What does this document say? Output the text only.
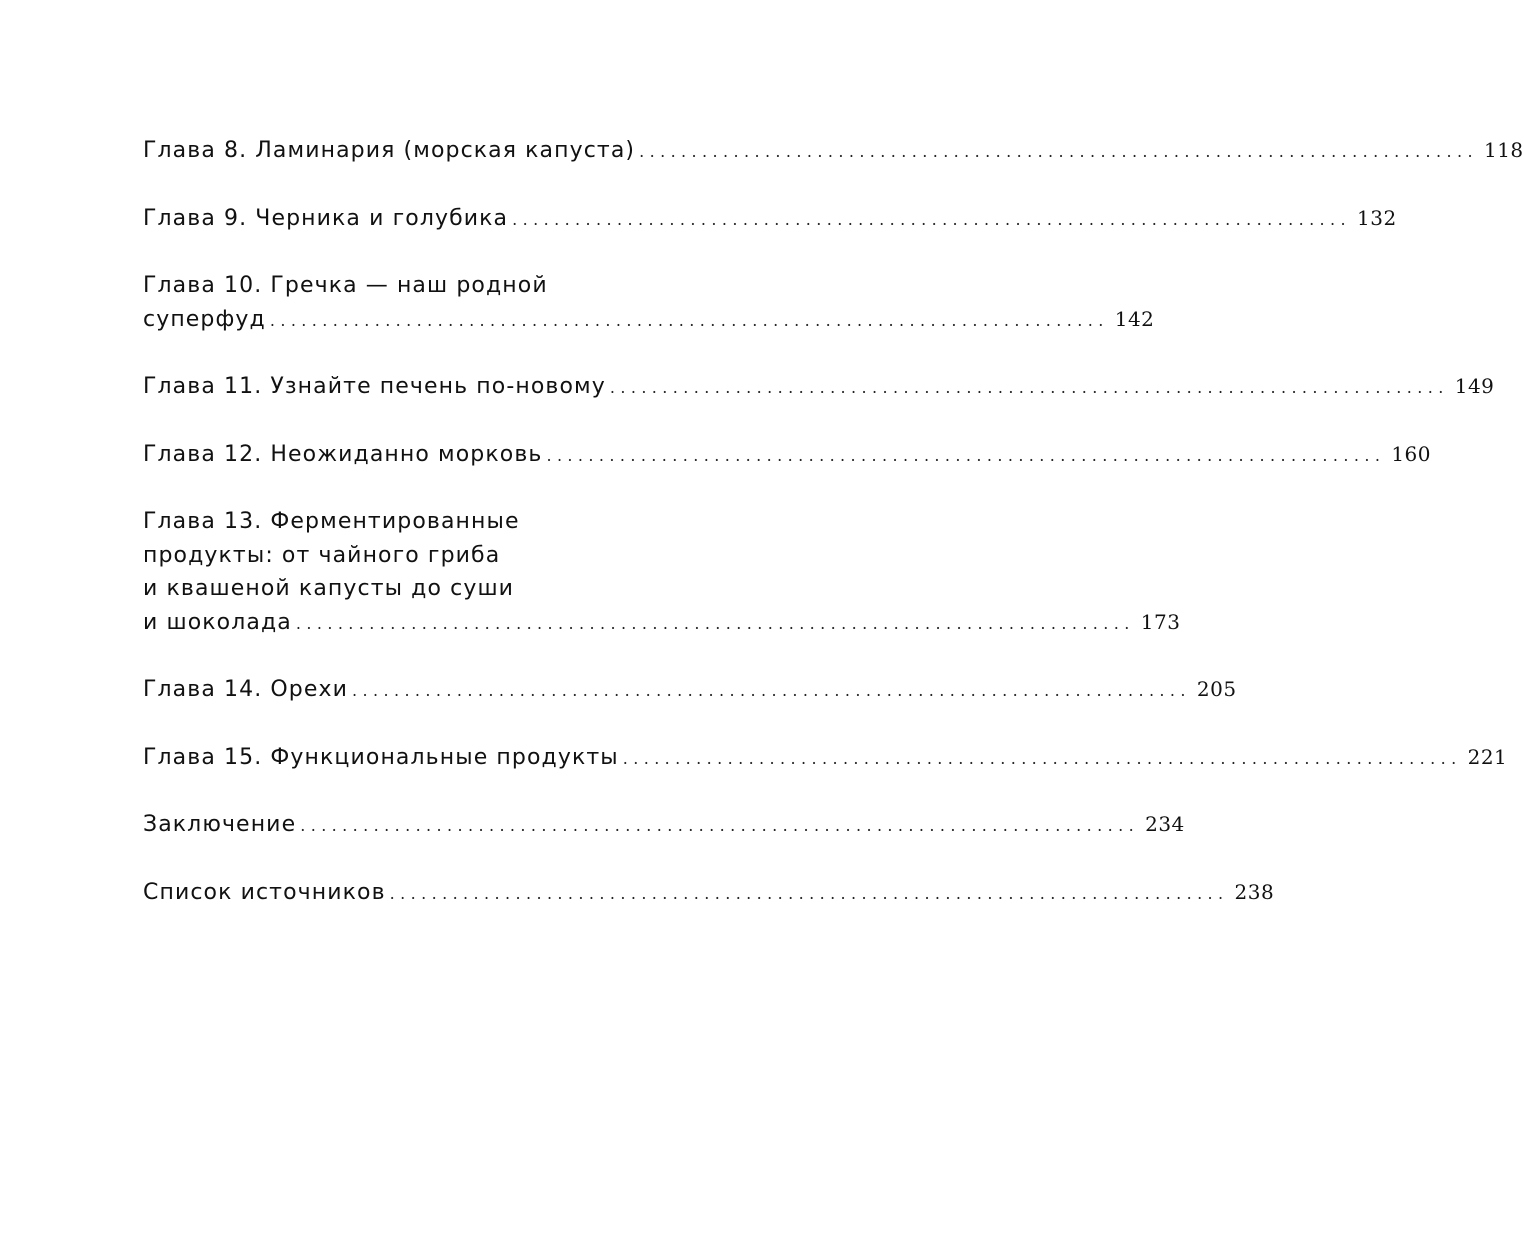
Глава 8. Ламинария (морская капуста) ................................................................................ 118
Глава 9. Черника и голубика ................................................................................ 132
Глава 10. Гречка — наш родной
суперфуд ................................................................................ 142
Глава 11. Узнайте печень по-новому ................................................................................ 149
Глава 12. Неожиданно морковь ................................................................................ 160
Глава 13. Ферментированные
продукты: от чайного гриба
и квашеной капусты до суши
и шоколада ................................................................................ 173
Глава 14. Орехи ................................................................................ 205
Глава 15. Функциональные продукты ................................................................................ 221
Заключение ................................................................................ 234
Список источников ................................................................................ 238
